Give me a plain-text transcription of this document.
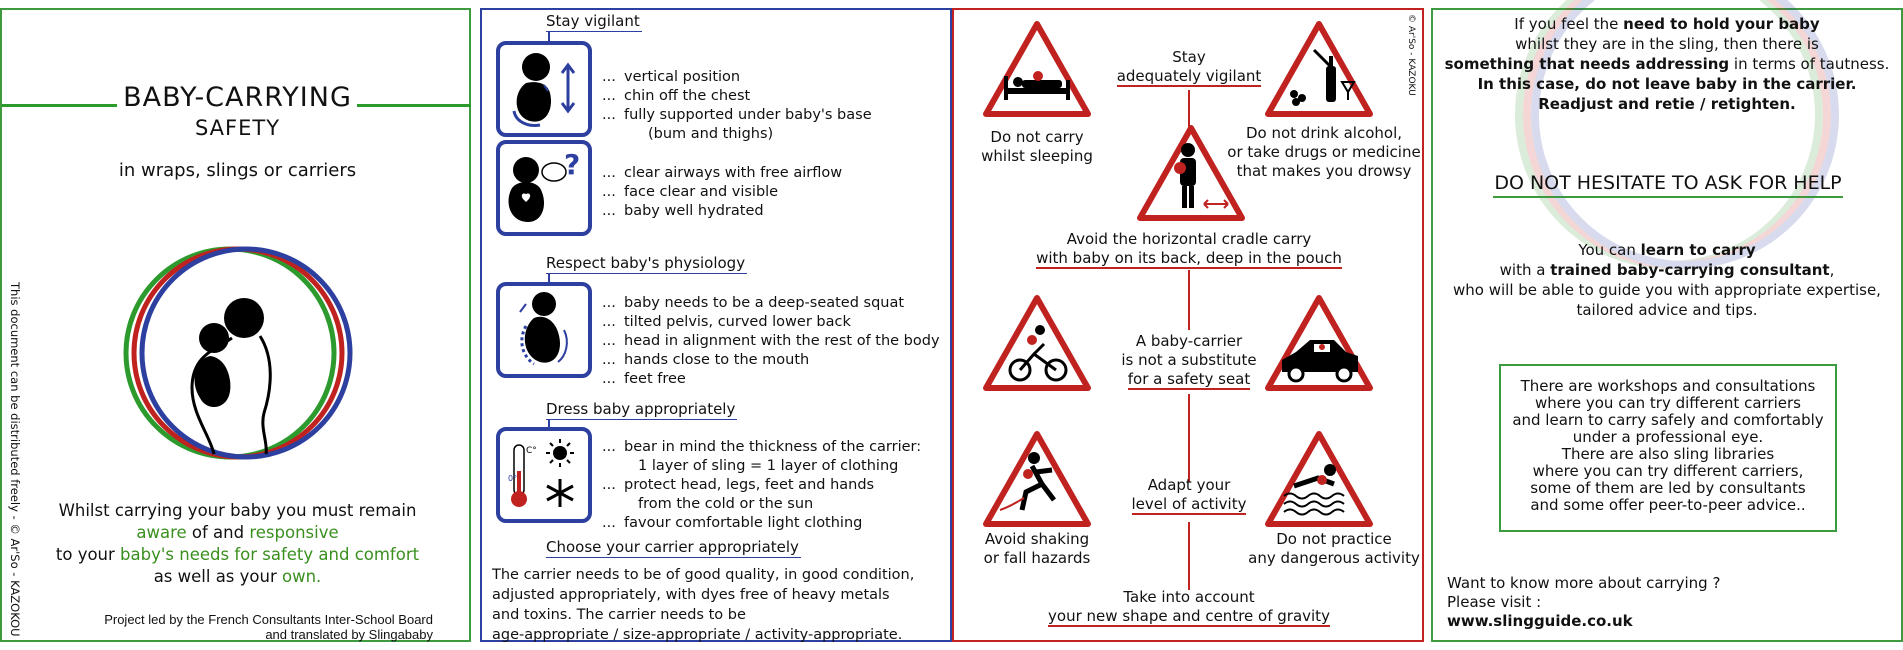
BABY-CARRYING
SAFETY
in wraps, slings or carriers
Whilst carrying your baby you must remain
aware of and responsive
to your baby's needs for safety and comfort
as well as your own.
Project led by the French Consultants Inter-School Board
and translated by Slingababy
This document can be distributed freely - © Ar'So - KAZOKOU
Stay vigilant
?
... vertical position
... chin off the chest
... fully supported under baby's base
(bum and thighs)
... clear airways with free airflow
... face clear and visible
... baby well hydrated
Respect baby's physiology
... baby needs to be a deep-seated squat
... tilted pelvis, curved lower back
... head in alignment with the rest of the body
... hands close to the mouth
... feet free
Dress baby appropriately
C°
0°
... bear in mind the thickness of the carrier:
1 layer of sling = 1 layer of clothing
... protect head, legs, feet and hands
from the cold or the sun
... favour comfortable light clothing
Choose your carrier appropriately
The carrier needs to be of good quality, in good condition,
adjusted appropriately, with dyes free of heavy metals
and toxins. The carrier needs to be
age-appropriate / size-appropriate / activity-appropriate.
Stay
adequately vigilant
Do not carry
whilst sleeping
Do not drink alcohol,
or take drugs or medicine
that makes you drowsy
Avoid the horizontal cradle carry
with baby on its back, deep in the pouch
A baby-carrier
is not a substitute
for a safety seat
Adapt your
level of activity
Avoid shaking
or fall hazards
Do not practice
any dangerous activity
Take into account
your new shape and centre of gravity
© Ar'So - KAZOKU	If you feel the need to hold your baby
whilst they are in the sling, then there is
something that needs addressing in terms of tautness.
In this case, do not leave baby in the carrier.
Readjust and retie / retighten.
DO NOT HESITATE TO ASK FOR HELP
You can learn to carry
with a trained baby-carrying consultant,
who will be able to guide you with appropriate expertise,
tailored advice and tips.
There are workshops and consultations
where you can try different carriers
and learn to carry safely and comfortably
under a professional eye.
There are also sling libraries
where you can try different carriers,
some of them are led by consultants
and some offer peer-to-peer advice..
Want to know more about carrying ?
Please visit :
www.slingguide.co.uk
